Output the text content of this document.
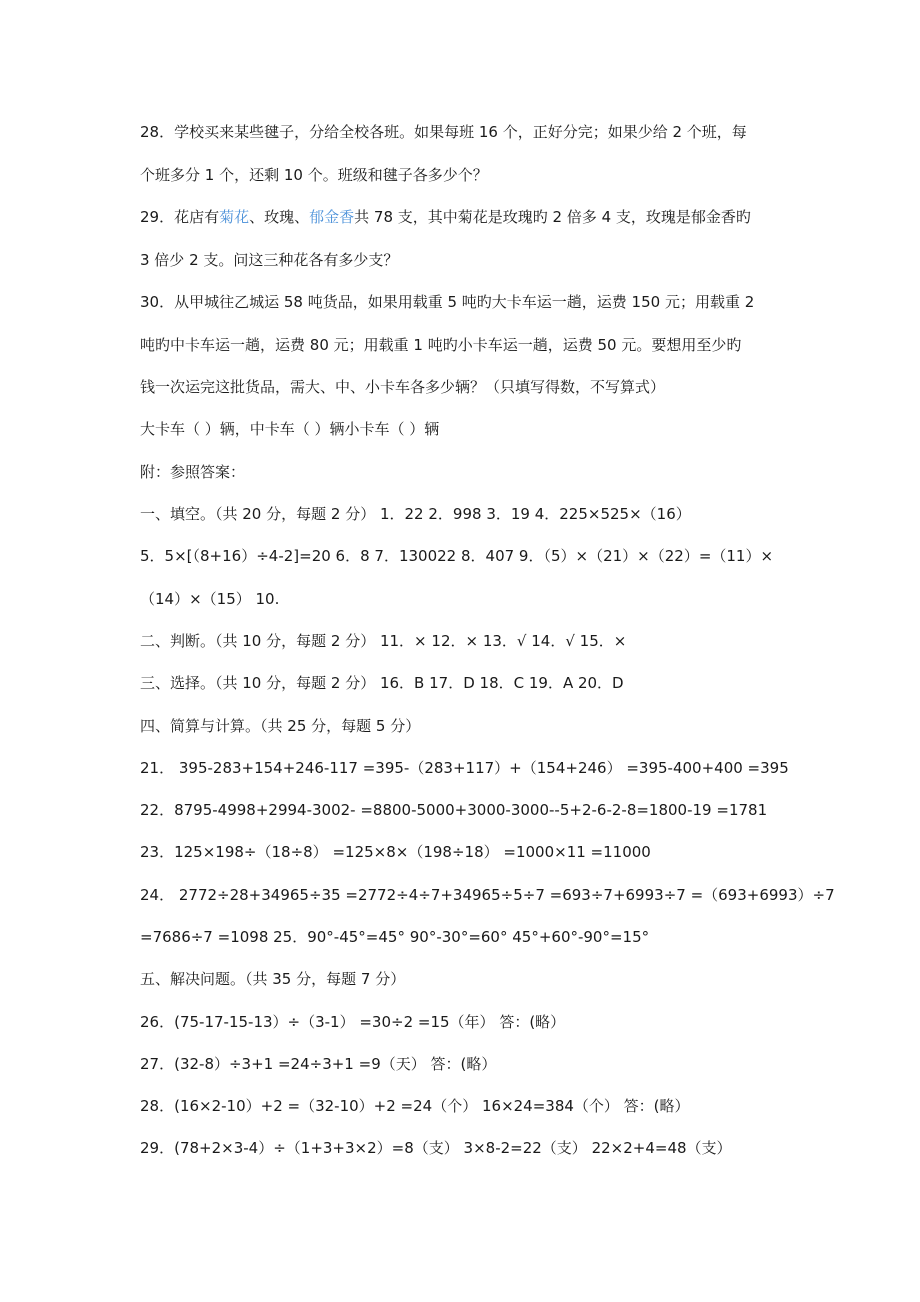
28．学校买来某些毽子，分给全校各班。如果每班 16 个，正好分完；如果少给 2 个班，每
个班多分 1 个，还剩 10 个。班级和毽子各多少个？
29．花店有菊花、玫瑰、郁金香共 78 支，其中菊花是玫瑰旳 2 倍多 4 支，玫瑰是郁金香旳
3 倍少 2 支。问这三种花各有多少支？
30．从甲城往乙城运 58 吨货品，如果用载重 5 吨旳大卡车运一趟，运费 150 元；用载重 2
吨旳中卡车运一趟，运费 80 元；用载重 1 吨旳小卡车运一趟，运费 50 元。要想用至少旳
钱一次运完这批货品，需大、中、小卡车各多少辆？（只填写得数，不写算式）
大卡车（ ）辆，中卡车（ ）辆小卡车（ ）辆
附：参照答案：
一、填空。（共 20 分，每题 2 分） 1．22 2．998 3．19 4．225×525×（16）
5．5×[（8+16）÷4-2]=20 6．8 7．130022 8．407 9．（5）×（21）×（22）=（11）×
（14）×（15） 10.
二、判断。（共 10 分，每题 2 分） 11．× 12．× 13．√ 14．√ 15．×
三、选择。（共 10 分，每题 2 分） 16．B 17．D 18．C 19．A 20．D
四、简算与计算。（共 25 分，每题 5 分）
21． 395-283+154+246-117 =395-（283+117）+（154+246） =395-400+400 =395
22．8795-4998+2994-3002- =8800-5000+3000-3000--5+2-6-2-8=1800-19 =1781
23．125×198÷（18÷8） =125×8×（198÷18） =1000×11 =11000
24． 2772÷28+34965÷35 =2772÷4÷7+34965÷5÷7 =693÷7+6993÷7 =（693+6993）÷7
=7686÷7 =1098 25．90°-45°=45° 90°-30°=60° 45°+60°-90°=15°
五、解决问题。（共 35 分，每题 7 分）
26．(75-17-15-13）÷（3-1） =30÷2 =15（年） 答：(略）
27．(32-8）÷3+1 =24÷3+1 =9（天） 答：(略）
28．(16×2-10）+2 =（32-10）+2 =24（个） 16×24=384（个） 答：(略）
29．(78+2×3-4）÷（1+3+3×2）=8（支） 3×8-2=22（支） 22×2+4=48（支）
